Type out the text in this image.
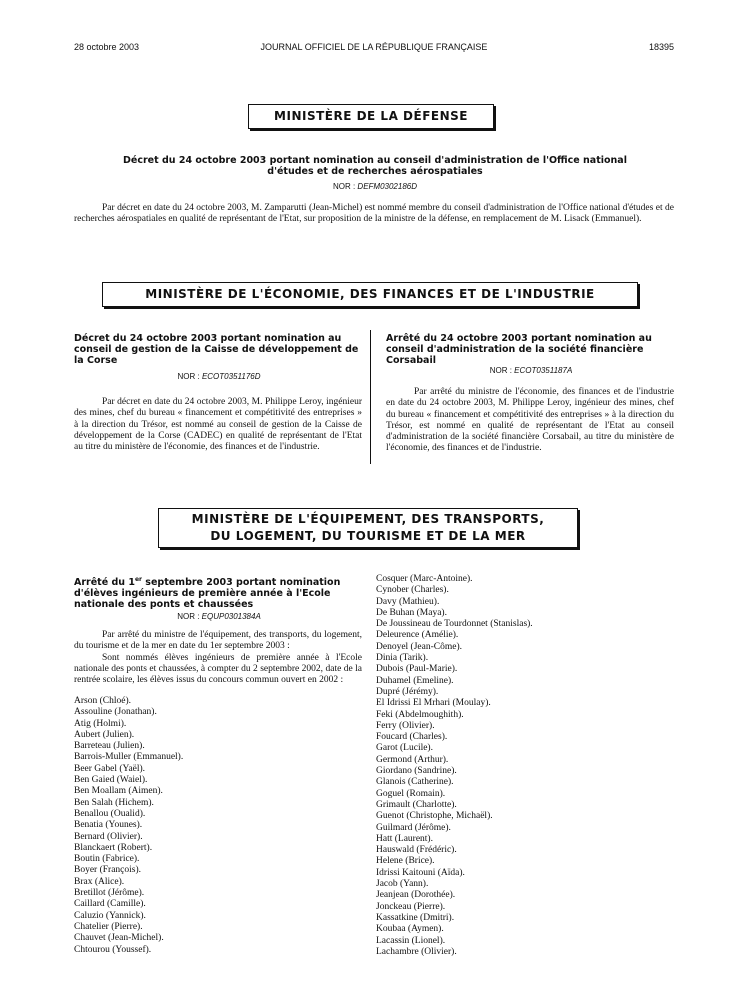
28 octobre 2003	JOURNAL OFFICIEL DE LA RÉPUBLIQUE FRANÇAISE	18395
MINISTÈRE DE LA DÉFENSE
Décret du 24 octobre 2003 portant nomination au conseil d'administration de l'Office national d'études et de recherches aérospatiales
NOR : DEFM0302186D
Par décret en date du 24 octobre 2003, M. Zamparutti (Jean-Michel) est nommé membre du conseil d'administration de l'Office national d'études et de recherches aérospatiales en qualité de représentant de l'Etat, sur proposition de la ministre de la défense, en remplacement de M. Lisack (Emmanuel).
MINISTÈRE DE L'ÉCONOMIE, DES FINANCES ET DE L'INDUSTRIE
Décret du 24 octobre 2003 portant nomination au conseil de gestion de la Caisse de développement de la Corse
NOR : ECOT0351176D
Par décret en date du 24 octobre 2003, M. Philippe Leroy, ingénieur des mines, chef du bureau « financement et compétitivité des entreprises » à la direction du Trésor, est nommé au conseil de gestion de la Caisse de développement de la Corse (CADEC) en qualité de représentant de l'Etat au titre du ministère de l'économie, des finances et de l'industrie.
Arrêté du 24 octobre 2003 portant nomination au conseil d'administration de la société financière Corsabail
NOR : ECOT0351187A
Par arrêté du ministre de l'économie, des finances et de l'industrie en date du 24 octobre 2003, M. Philippe Leroy, ingénieur des mines, chef du bureau « financement et compétitivité des entreprises » à la direction du Trésor, est nommé en qualité de représentant de l'Etat au conseil d'administration de la société financière Corsabail, au titre du ministère de l'économie, des finances et de l'industrie.
MINISTÈRE DE L'ÉQUIPEMENT, DES TRANSPORTS,
DU LOGEMENT, DU TOURISME ET DE LA MER
Arrêté du 1er septembre 2003 portant nomination d'élèves ingénieurs de première année à l'Ecole nationale des ponts et chaussées
NOR : EQUP0301384A
Par arrêté du ministre de l'équipement, des transports, du logement, du tourisme et de la mer en date du 1er septembre 2003 :
Sont nommés élèves ingénieurs de première année à l'Ecole nationale des ponts et chaussées, à compter du 2 septembre 2002, date de la rentrée scolaire, les élèves issus du concours commun ouvert en 2002 :
Arson (Chloé).
Assouline (Jonathan).
Atig (Holmi).
Aubert (Julien).
Barreteau (Julien).
Barrois-Muller (Emmanuel).
Beer Gabel (Yaël).
Ben Gaied (Waiel).
Ben Moallam (Aimen).
Ben Salah (Hichem).
Benallou (Oualid).
Benatia (Younes).
Bernard (Olivier).
Blanckaert (Robert).
Boutin (Fabrice).
Boyer (François).
Brax (Alice).
Bretillot (Jérôme).
Caillard (Camille).
Caluzio (Yannick).
Chatelier (Pierre).
Chauvet (Jean-Michel).
Chtourou (Youssef).
Cosquer (Marc-Antoine).
Cynober (Charles).
Davy (Mathieu).
De Buhan (Maya).
De Joussineau de Tourdonnet (Stanislas).
Deleurence (Amélie).
Denoyel (Jean-Côme).
Dinia (Tarik).
Dubois (Paul-Marie).
Duhamel (Emeline).
Dupré (Jérémy).
El Idrissi El Mrhari (Moulay).
Feki (Abdelmoughith).
Ferry (Olivier).
Foucard (Charles).
Garot (Lucile).
Germond (Arthur).
Giordano (Sandrine).
Glanois (Catherine).
Goguel (Romain).
Grimault (Charlotte).
Guenot (Christophe, Michaël).
Guilmard (Jérôme).
Hatt (Laurent).
Hauswald (Frédéric).
Helene (Brice).
Idrissi Kaitouni (Aïda).
Jacob (Yann).
Jeanjean (Dorothée).
Jonckeau (Pierre).
Kassatkine (Dmitri).
Koubaa (Aymen).
Lacassin (Lionel).
Lachambre (Olivier).
